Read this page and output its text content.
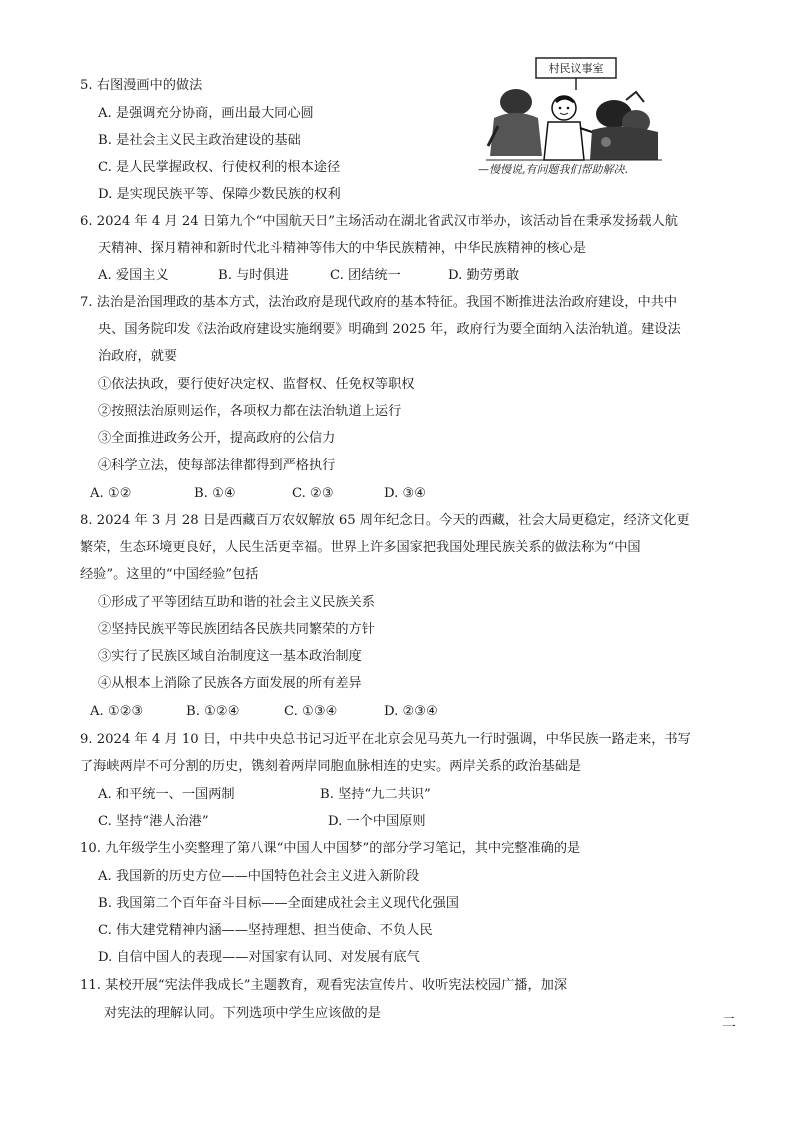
5. 右图漫画中的做法
A. 是强调充分协商，画出最大同心圆
B. 是社会主义民主政治建设的基础
C. 是人民掌握政权、行使权利的根本途径
D. 是实现民族平等、保障少数民族的权利
村民议事室
—慢慢说,有问题我们帮助解决.
6. 2024 年 4 月 24 日第九个“中国航天日”主场活动在湖北省武汉市举办，该活动旨在秉承发扬载人航
天精神、探月精神和新时代北斗精神等伟大的中华民族精神，中华民族精神的核心是
A. 爱国主义	B. 与时俱进	C. 团结统一	D. 勤劳勇敢
7. 法治是治国理政的基本方式，法治政府是现代政府的基本特征。我国不断推进法治政府建设，中共中
央、国务院印发《法治政府建设实施纲要》明确到 2025 年，政府行为要全面纳入法治轨道。建设法
治政府，就要
①依法执政，要行使好决定权、监督权、任免权等职权
②按照法治原则运作，各项权力都在法治轨道上运行
③全面推进政务公开，提高政府的公信力
④科学立法，使每部法律都得到严格执行
A. ①②	B. ①④	C. ②③	D. ③④
8. 2024 年 3 月 28 日是西藏百万农奴解放 65 周年纪念日。今天的西藏，社会大局更稳定，经济文化更
繁荣，生态环境更良好，人民生活更幸福。世界上许多国家把我国处理民族关系的做法称为“中国
经验”。这里的“中国经验”包括
①形成了平等团结互助和谐的社会主义民族关系
②坚持民族平等民族团结各民族共同繁荣的方针
③实行了民族区域自治制度这一基本政治制度
④从根本上消除了民族各方面发展的所有差异
A. ①②③	B. ①②④	C. ①③④	D. ②③④
9. 2024 年 4 月 10 日，中共中央总书记习近平在北京会见马英九一行时强调，中华民族一路走来，书写
了海峡两岸不可分割的历史，镌刻着两岸同胞血脉相连的史实。两岸关系的政治基础是
A. 和平统一、一国两制	B. 坚持“九二共识”
C. 坚持“港人治港”	D. 一个中国原则
10. 九年级学生小奕整理了第八课“中国人中国梦”的部分学习笔记，其中完整准确的是
A. 我国新的历史方位——中国特色社会主义进入新阶段
B. 我国第二个百年奋斗目标——全面建成社会主义现代化强国
C. 伟大建党精神内涵——坚持理想、担当使命、不负人民
D. 自信中国人的表现——对国家有认同、对发展有底气
11. 某校开展“宪法伴我成长”主题教育，观看宪法宣传片、收听宪法校园广播，加深
对宪法的理解认同。下列选项中学生应该做的是
二
